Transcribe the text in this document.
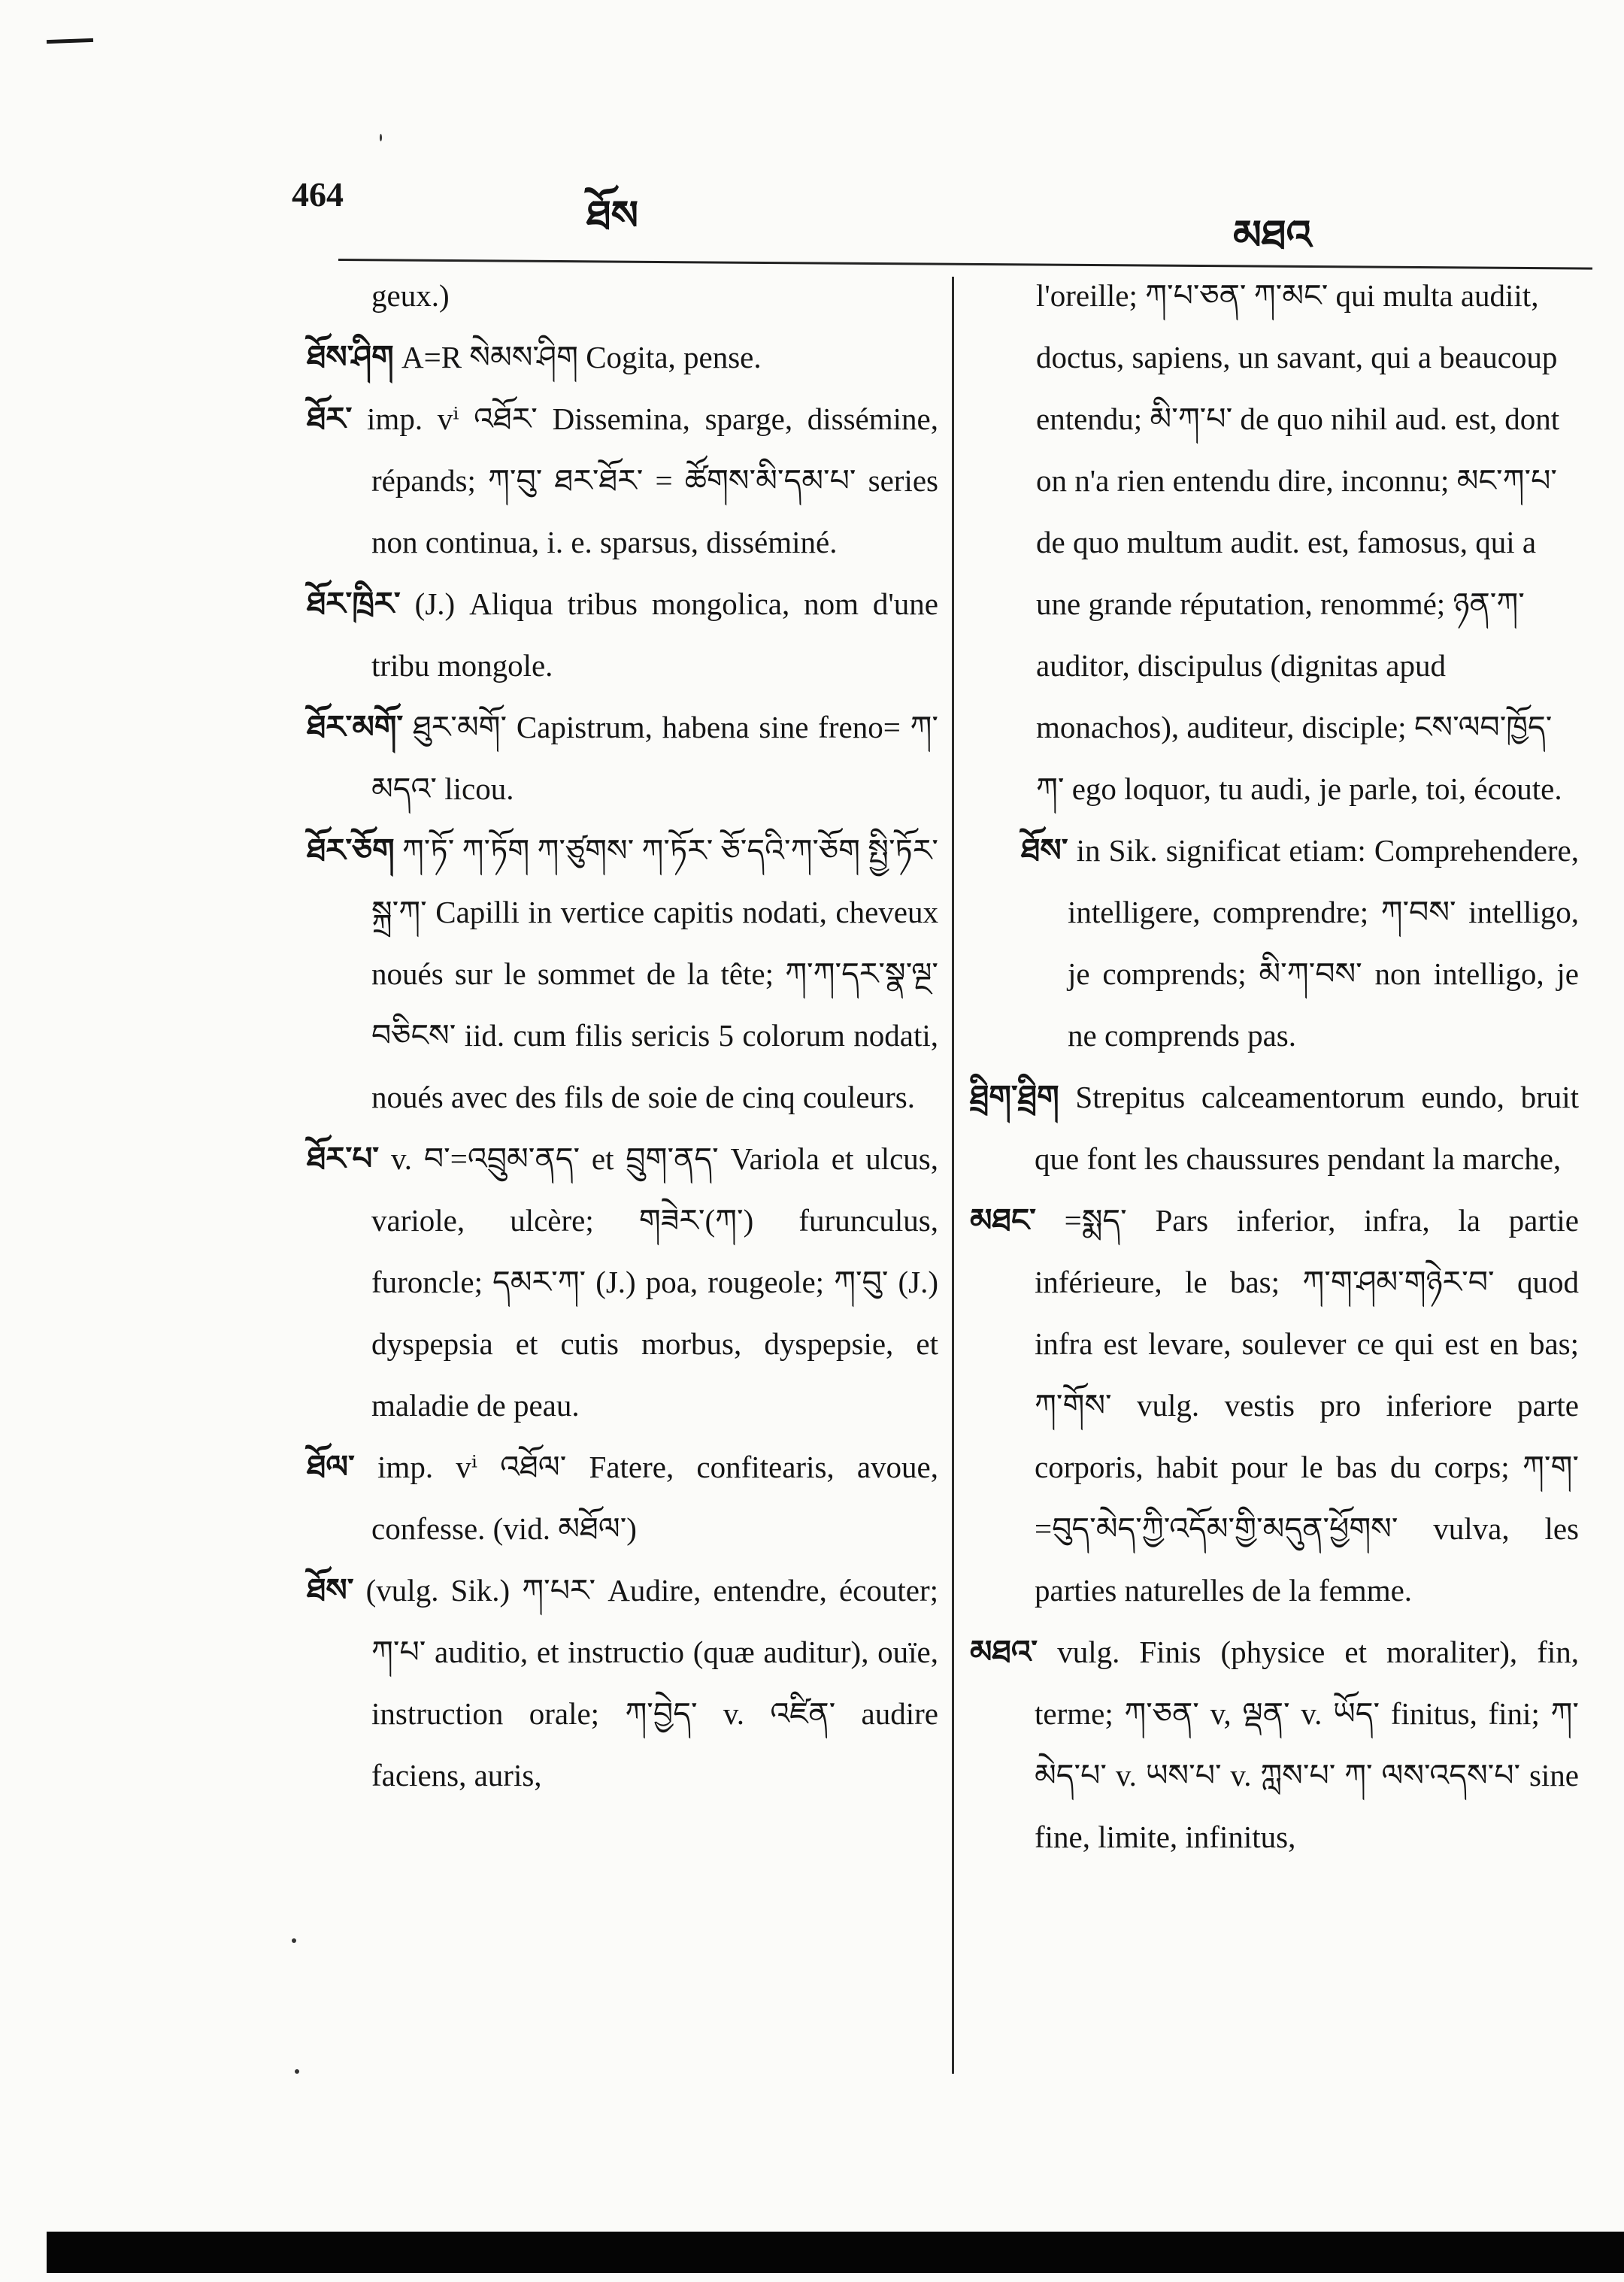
464	ཐོས	མཐའ

geux.)

ཐོས་ཤིག A=R སེམས་ཤིག Cogita, pense.

ཐོར་ imp. vⁱ འཐོར་ Dissemina, sparge, dissémine, répands; ཀ་བུ་ ཐར་ཐོར་ = ཚོགས་མི་དམ་པ་ series non continua, i. e. sparsus, disséminé.

ཐོར་ཁྲིར་ (J.) Aliqua tribus mongolica, nom d'une tribu mongole.

ཐོར་མགོ་ ཐུར་མགོ་ Capistrum, habena sine freno= ཀ་མདའ་ licou.

ཐོར་ཅོག ཀ་ཏོ་ ཀ་ཏོག ཀ་ཙུགས་ ཀ་ཏོར་ ཅོ་དའི་ཀ་ཅོག སྤྱི་ཏོར་ སྐྲ་ཀ་ Capilli in vertice capitis nodati, cheveux noués sur le sommet de la tête; ཀ་ཀ་དར་སྣ་ལྔ་བཅིངས་ iid. cum filis sericis 5 colorum nodati, noués avec des fils de soie de cinq couleurs.

ཐོར་པ་ v. བ་=འབྲུམ་ནད་ et བྲུག་ནད་ Variola et ulcus, variole, ulcère; གཟེར་(ཀ་) furunculus, furoncle; དམར་ཀ་ (J.) poa, rougeole; ཀ་བུ་ (J.) dyspepsia et cutis morbus, dyspepsie, et maladie de peau.

ཐོལ་ imp. vⁱ འཐོལ་ Fatere, confitearis, avoue, confesse. (vid. མཐོལ་)

ཐོས་ (vulg. Sik.) ཀ་པར་ Audire, entendre, écouter; ཀ་པ་ auditio, et instructio (quæ auditur), ouïe, instruction orale; ཀ་བྱེད་ v. འཛིན་ audire faciens, auris,

l'oreille; ཀ་པ་ཅན་ ཀ་མང་ qui multa audiit, doctus, sapiens, un savant, qui a beaucoup entendu; མི་ཀ་པ་ de quo nihil aud. est, dont on n'a rien entendu dire, inconnu; མང་ཀ་པ་ de quo multum audit. est, famosus, qui a une grande réputation, renommé; ཉན་ཀ་ auditor, discipulus (dignitas apud monachos), auditeur, disciple; ངས་ལབ་ཁྱོད་ཀ་ ego loquor, tu audi, je parle, toi, écoute.

ཐོས་ in Sik. significat etiam: Comprehendere, intelligere, comprendre; ཀ་བས་ intelligo, je comprends; མི་ཀ་བས་ non intelligo, je ne comprends pas.

ཐྲིག་ཐྲིག Strepitus calceamentorum eundo, bruit que font les chaussures pendant la marche,

མཐང་ =སྨད་ Pars inferior, infra, la partie inférieure, le bas; ཀ་ག་ཤམ་གཉེར་བ་ quod infra est levare, soulever ce qui est en bas; ཀ་གོས་ vulg. vestis pro inferiore parte corporis, habit pour le bas du corps; ཀ་ག་=བུད་མེད་ཀྱི་འདོམ་གྱི་མདུན་ཕྱོགས་ vulva, les parties naturelles de la femme.

མཐའ་ vulg. Finis (physice et moraliter), fin, terme; ཀ་ཅན་ v, ལྡན་ v. ཡོད་ finitus, fini; ཀ་མེད་པ་ v. ཡས་པ་ v. ཀླས་པ་ ཀ་ ལས་འདས་པ་ sine fine, limite, infinitus,
